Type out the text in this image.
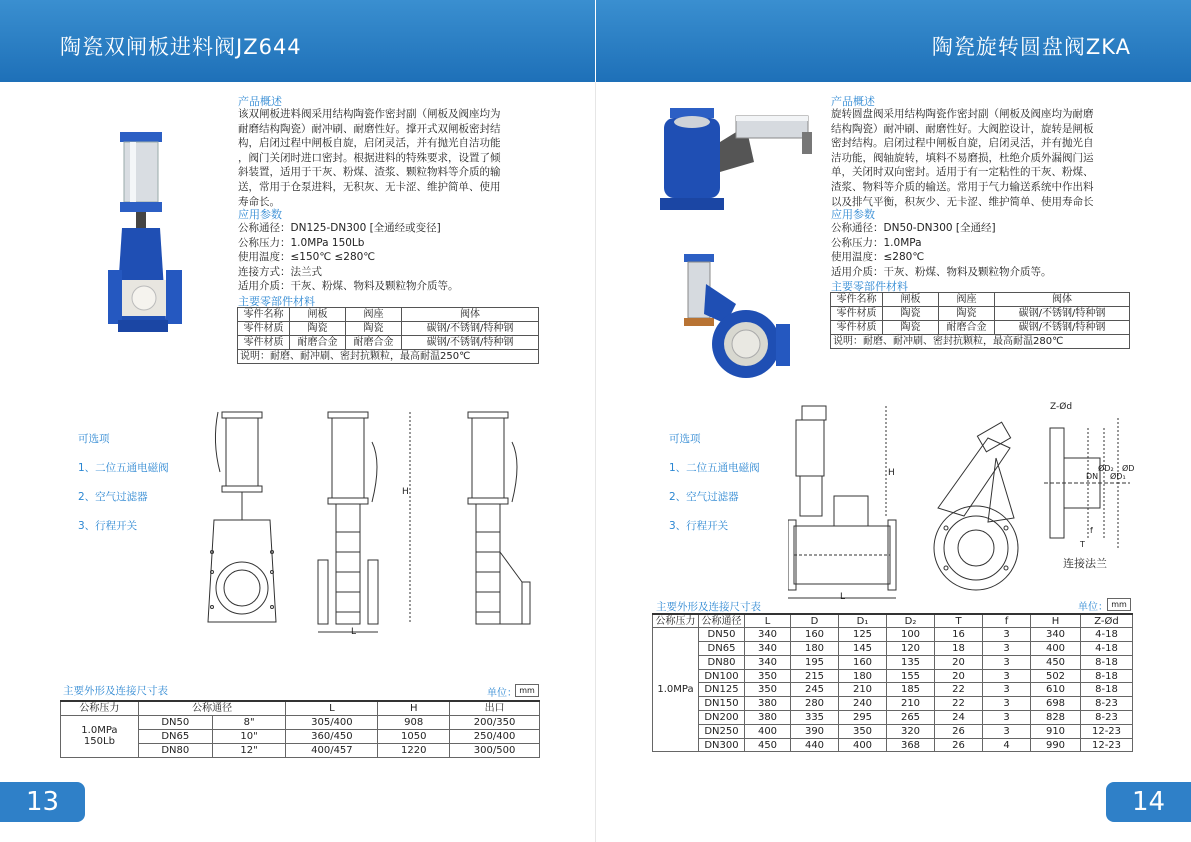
陶瓷双闸板进料阀JZ644	陶瓷旋转圆盘阀ZKA
产品概述
该双闸板进料阀采用结构陶瓷作密封副（闸板及阀座均为
耐磨结构陶瓷）耐冲刷、耐磨性好。撑开式双闸板密封结
构，启闭过程中闸板自旋，启闭灵活，并有抛光自洁功能
，阀门关闭时进口密封。根据进料的特殊要求，设置了倾
斜装置，适用于干灰、粉煤、渣浆、颗粒物料等介质的输
送，常用于仓泵进料，无积灰、无卡涩、维护简单、使用
寿命长。
应用参数
公称通径：DN125-DN300 [全通经或变径]
公称压力：1.0MPa 150Lb
使用温度：≤150℃ ≤280℃
连接方式：法兰式
适用介质：干灰、粉煤、物料及颗粒物介质等。
主要零部件材料
零件名称	闸板	阀座	阀体
零件材质	陶瓷	陶瓷	碳钢/不锈钢/特种钢
零件材质	耐磨合金	耐磨合金	碳钢/不锈钢/特种钢
说明：耐磨、耐冲刷、密封抗颗粒，最高耐温250℃			
可选项
1、二位五通电磁阀
2、空气过滤器
3、行程开关
H
L
主要外形及连接尺寸表	单位： mm
公称压力	公称通径		L	H	出口
1.0MPa
150Lb	DN50	8"	305/400	908	200/350
	DN65	10"	360/450	1050	250/400
	DN80	12"	400/457	1220	300/500
13
产品概述
旋转圆盘阀采用结构陶瓷作密封副（闸板及阀座均为耐磨
结构陶瓷）耐冲刷、耐磨性好。大阀腔设计，旋转是闸板
密封结构。启闭过程中闸板自旋，启闭灵活，并有抛光自
洁功能，阀轴旋转，填料不易磨损，杜绝介质外漏阀门运
单，关闭时双向密封。适用于有一定粘性的干灰、粉煤、
渣浆、物料等介质的输送。常用于气力输送系统中作出料
以及排气平衡，积灰少、无卡涩、维护简单、使用寿命长
应用参数
公称通径：DN50-DN300 [全通经]
公称压力：1.0MPa
使用温度：≤280℃
适用介质：干灰、粉煤、物料及颗粒物介质等。
主要零部件材料
零件名称	闸板	阀座	阀体
零件材质	陶瓷	陶瓷	碳钢/不锈钢/特种钢
零件材质	陶瓷	耐磨合金	碳钢/不锈钢/特种钢
说明：耐磨、耐冲刷、密封抗颗粒，最高耐温280℃			
可选项
1、二位五通电磁阀
2、空气过滤器
3、行程开关
H
L
Z-Ød
DN
ØD₂
ØD₁
ØD
f
T
连接法兰
主要外形及连接尺寸表	单位： mm
公称压力	公称通径	L	D	D₁	D₂	T	f	H	Z-Ød
1.0MPa	DN50	340	160	125	100	16	3	340	4-18
	DN65	340	180	145	120	18	3	400	4-18
	DN80	340	195	160	135	20	3	450	8-18
	DN100	350	215	180	155	20	3	502	8-18
	DN125	350	245	210	185	22	3	610	8-18
	DN150	380	280	240	210	22	3	698	8-23
	DN200	380	335	295	265	24	3	828	8-23
	DN250	400	390	350	320	26	3	910	12-23
	DN300	450	440	400	368	26	4	990	12-23
14
